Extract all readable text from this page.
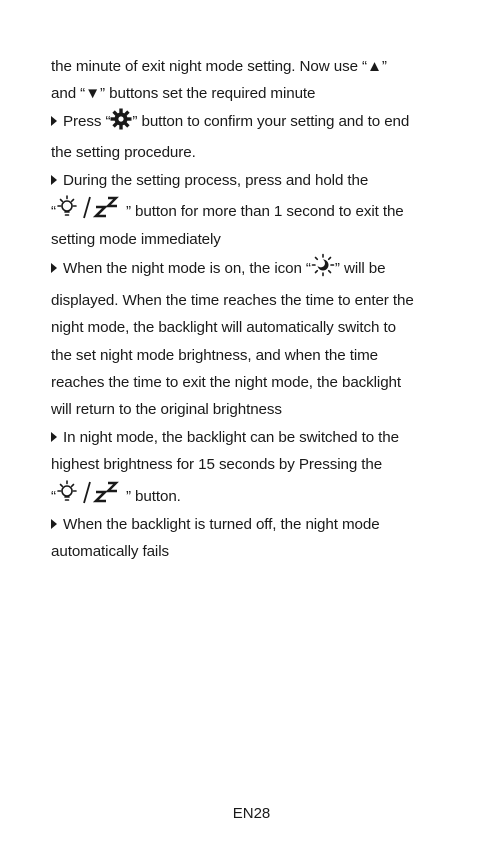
the minute of exit night mode setting. Now use “▲”
and “▼” buttons set the required minute
Press “ ” button to confirm your setting and to end
the setting procedure.
During the setting process, press and hold the
“	” button for more than 1 second to exit the
setting mode immediately
When the night mode is on, the icon “ ” will be
displayed. When the time reaches the time to enter the
night mode, the backlight will automatically switch to
the set night mode brightness, and when the time
reaches the time to exit the night mode, the backlight
will return to the original brightness
In night mode, the backlight can be switched to the
highest brightness for 15 seconds by Pressing the
“	” button.
When the backlight is turned off, the night mode
automatically fails
EN28
